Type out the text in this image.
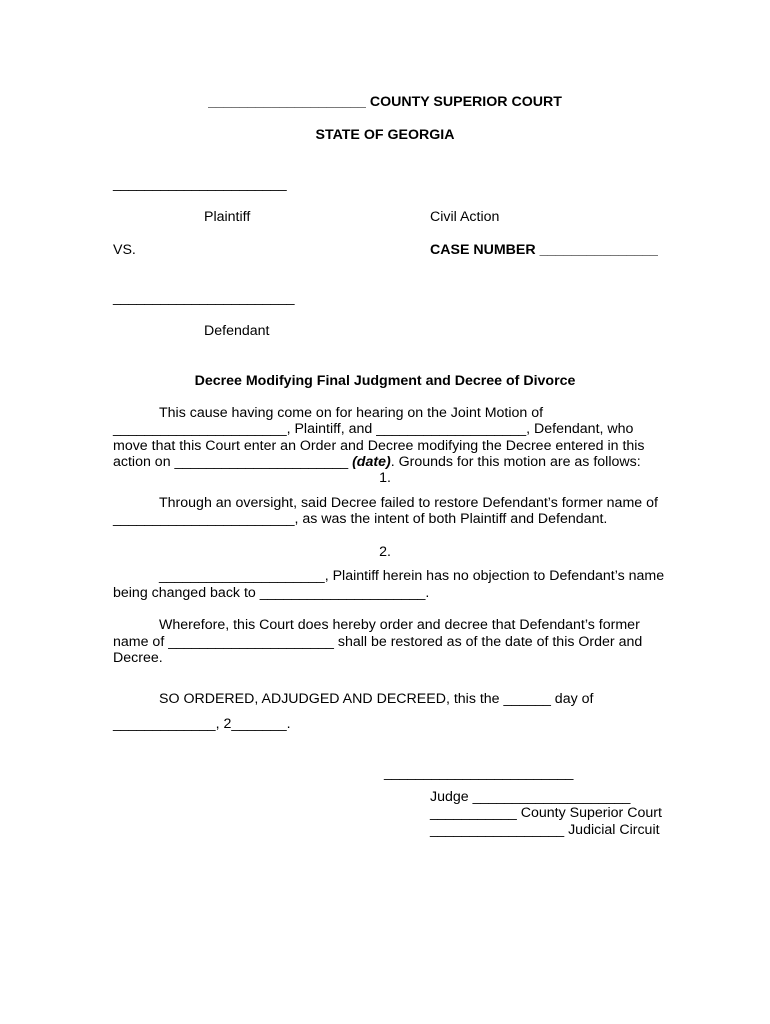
____________________ COUNTY SUPERIOR COURT
STATE OF GEORGIA
______________________
Plaintiff	Civil Action
VS.	CASE NUMBER _______________
_______________________
Defendant
Decree Modifying Final Judgment and Decree of Divorce
This cause having come on for hearing on the Joint Motion of
______________________, Plaintiff, and ___________________, Defendant, who
move that this Court enter an Order and Decree modifying the Decree entered in this
action on ______________________ (date). Grounds for this motion are as follows:
1.
Through an oversight, said Decree failed to restore Defendant’s former name of
_______________________, as was the intent of both Plaintiff and Defendant.
2.
_____________________, Plaintiff herein has no objection to Defendant’s name
being changed back to _____________________.
Wherefore, this Court does hereby order and decree that Defendant’s former
name of _____________________ shall be restored as of the date of this Order and
Decree.
SO ORDERED, ADJUDGED AND DECREED, this the ______ day of
_____________, 2_______.
________________________
Judge ____________________
___________ County Superior Court
_________________ Judicial Circuit
